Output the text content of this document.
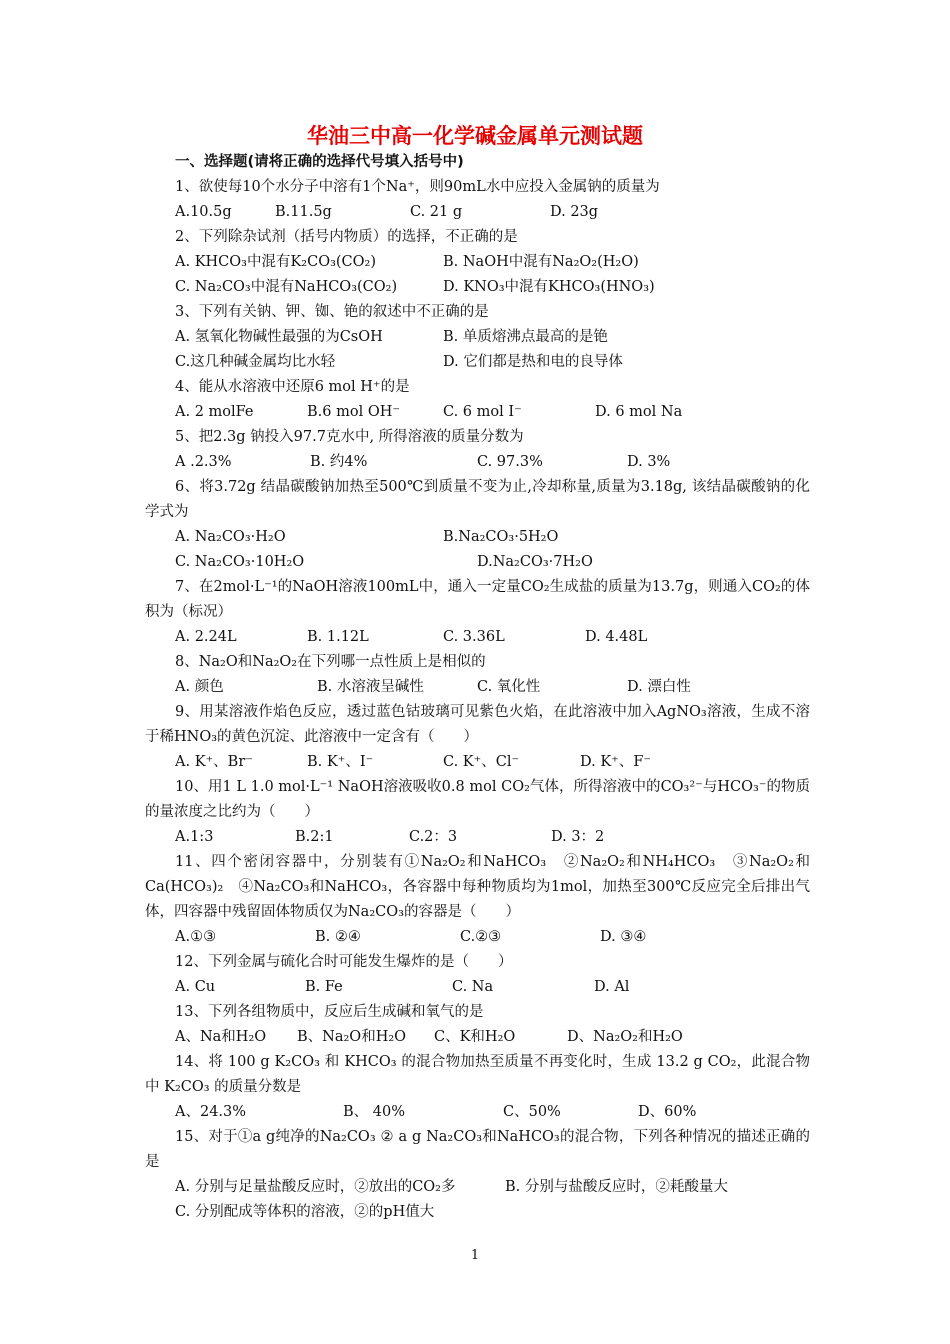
华油三中高一化学碱金属单元测试题
一、选择题(请将正确的选择代号填入括号中)
1、欲使每10个水分子中溶有1个Na⁺，则90mL水中应投入金属钠的质量为
A.10.5g	B.11.5g	C. 21 g	D. 23g
2、下列除杂试剂（括号内物质）的选择，不正确的是
A. KHCO₃中混有K₂CO₃(CO₂)	B. NaOH中混有Na₂O₂(H₂O)
C. Na₂CO₃中混有NaHCO₃(CO₂)	D. KNO₃中混有KHCO₃(HNO₃)
3、下列有关钠、钾、铷、铯的叙述中不正确的是
A. 氢氧化物碱性最强的为CsOH	B. 单质熔沸点最高的是铯
C.这几种碱金属均比水轻	D. 它们都是热和电的良导体
4、能从水溶液中还原6 mol H⁺的是
A. 2 molFe	B.6 mol OH⁻	C. 6 mol I⁻	D. 6 mol Na
5、把2.3g 钠投入97.7克水中, 所得溶液的质量分数为
A .2.3%	B. 约4%	C. 97.3%	D. 3%
6、将3.72g 结晶碳酸钠加热至500℃到质量不变为止,冷却称量,质量为3.18g, 该结晶碳酸钠的化学式为
A. Na₂CO₃·H₂O	B.Na₂CO₃·5H₂O
C. Na₂CO₃·10H₂O	D.Na₂CO₃·7H₂O
7、在2mol·L⁻¹的NaOH溶液100mL中，通入一定量CO₂生成盐的质量为13.7g，则通入CO₂的体积为（标况）
A. 2.24L	B. 1.12L	C. 3.36L	D. 4.48L
8、Na₂O和Na₂O₂在下列哪一点性质上是相似的
A. 颜色	B. 水溶液呈碱性	C. 氧化性	D. 漂白性
9、用某溶液作焰色反应，透过蓝色钴玻璃可见紫色火焰，在此溶液中加入AgNO₃溶液，生成不溶于稀HNO₃的黄色沉淀、此溶液中一定含有（　　）
A. K⁺、Br⁻	B. K⁺、I⁻	C. K⁺、Cl⁻	D. K⁺、F⁻
10、用1 L 1.0 mol·L⁻¹ NaOH溶液吸收0.8 mol CO₂气体，所得溶液中的CO₃²⁻与HCO₃⁻的物质的量浓度之比约为（　　）
A.1:3	B.2:1	C.2：3	D. 3：2
11、四个密闭容器中，分别装有①Na₂O₂和NaHCO₃　②Na₂O₂和NH₄HCO₃　③Na₂O₂和Ca(HCO₃)₂　④Na₂CO₃和NaHCO₃，各容器中每种物质均为1mol，加热至300℃反应完全后排出气体，四容器中残留固体物质仅为Na₂CO₃的容器是（　　）
A.①③	B. ②④	C.②③	D. ③④
12、下列金属与硫化合时可能发生爆炸的是（　　）
A. Cu	B. Fe	C. Na	D. Al
13、下列各组物质中，反应后生成碱和氧气的是
A、Na和H₂O	B、Na₂O和H₂O	C、K和H₂O	D、Na₂O₂和H₂O
14、将 100 g K₂CO₃ 和 KHCO₃ 的混合物加热至质量不再变化时，生成 13.2 g CO₂，此混合物中 K₂CO₃ 的质量分数是
A、24.3%	B、 40%	C、50%	D、60%
15、对于①a g纯净的Na₂CO₃ ② a g Na₂CO₃和NaHCO₃的混合物，下列各种情况的描述正确的是
A. 分别与足量盐酸反应时，②放出的CO₂多	B. 分别与盐酸反应时，②耗酸量大
C. 分别配成等体积的溶液，②的pH值大
1
